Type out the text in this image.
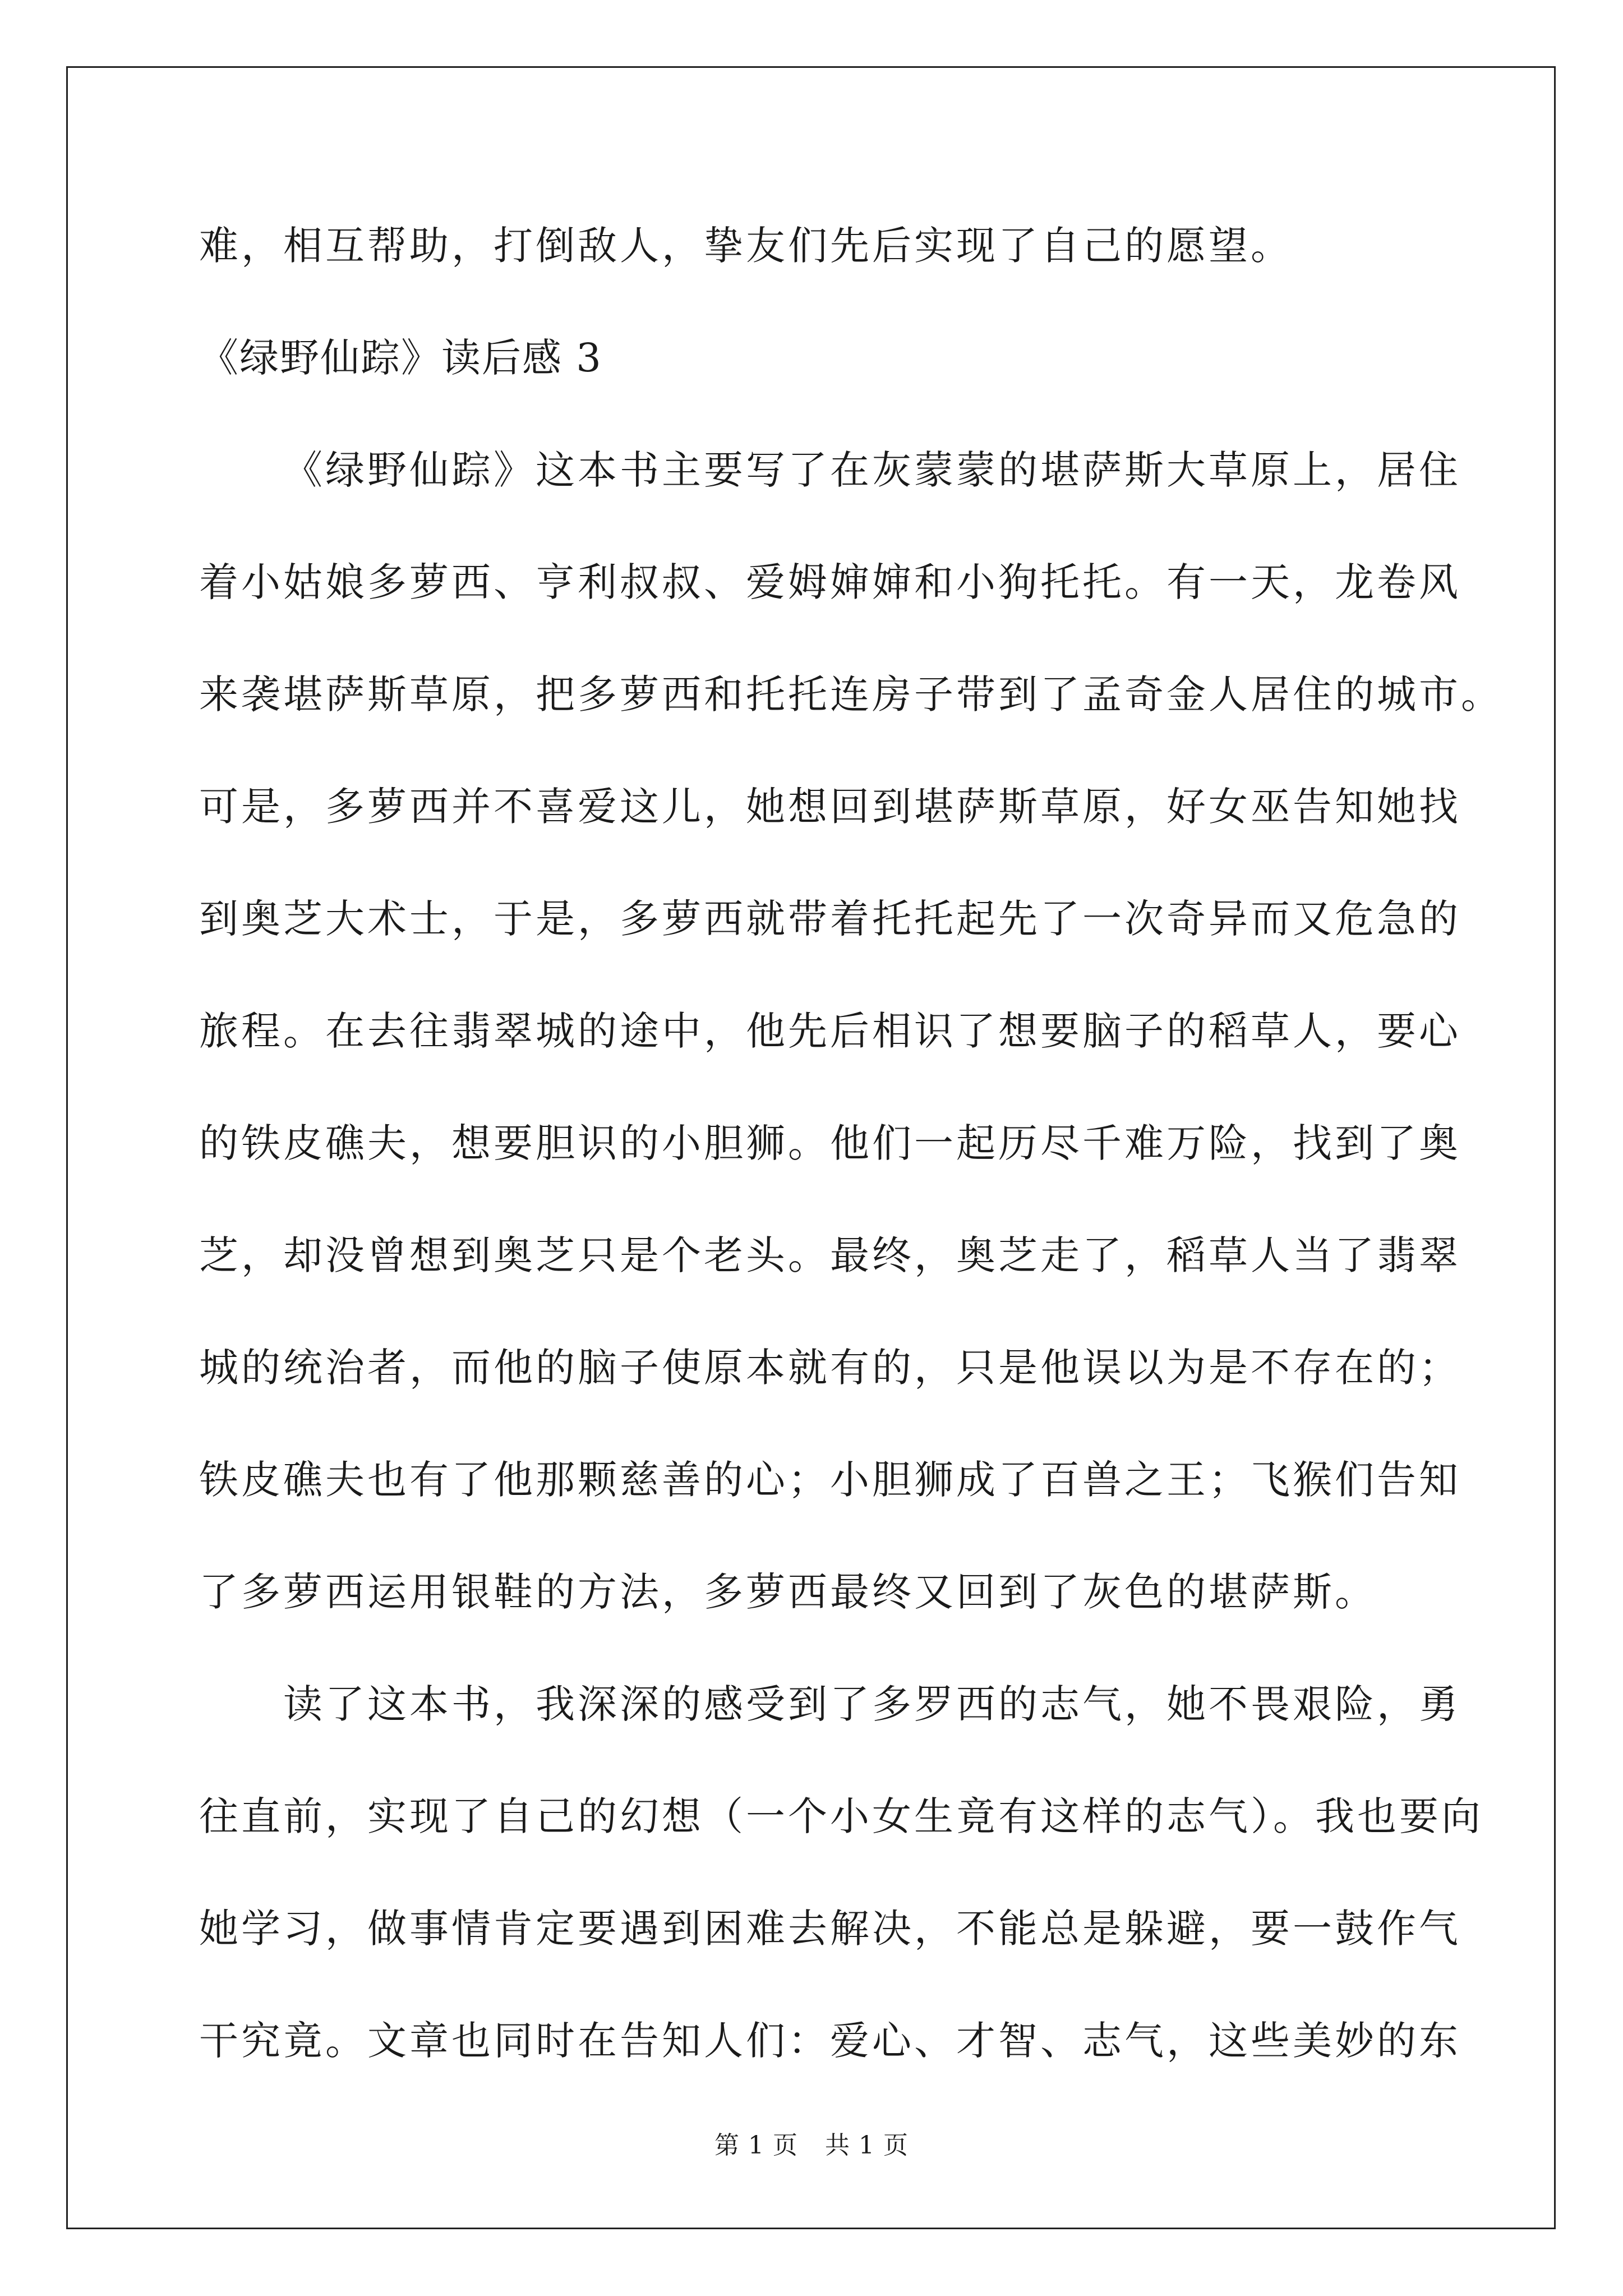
难，相互帮助，打倒敌人，挚友们先后实现了自己的愿望。
《绿野仙踪》读后感 3
《绿野仙踪》这本书主要写了在灰蒙蒙的堪萨斯大草原上，居住
着小姑娘多萝西、亨利叔叔、爱姆婶婶和小狗托托。有一天，龙卷风
来袭堪萨斯草原，把多萝西和托托连房子带到了孟奇金人居住的城市。
可是，多萝西并不喜爱这儿，她想回到堪萨斯草原，好女巫告知她找
到奥芝大术士，于是，多萝西就带着托托起先了一次奇异而又危急的
旅程。在去往翡翠城的途中，他先后相识了想要脑子的稻草人，要心
的铁皮礁夫，想要胆识的小胆狮。他们一起历尽千难万险，找到了奥
芝，却没曾想到奥芝只是个老头。最终，奥芝走了，稻草人当了翡翠
城的统治者，而他的脑子使原本就有的，只是他误以为是不存在的；
铁皮礁夫也有了他那颗慈善的心；小胆狮成了百兽之王；飞猴们告知
了多萝西运用银鞋的方法，多萝西最终又回到了灰色的堪萨斯。
读了这本书，我深深的感受到了多罗西的志气，她不畏艰险，勇
往直前，实现了自己的幻想（一个小女生竟有这样的志气）。我也要向
她学习，做事情肯定要遇到困难去解决，不能总是躲避，要一鼓作气
干究竟。文章也同时在告知人们：爱心、才智、志气，这些美妙的东
第 1 页 共 1 页
